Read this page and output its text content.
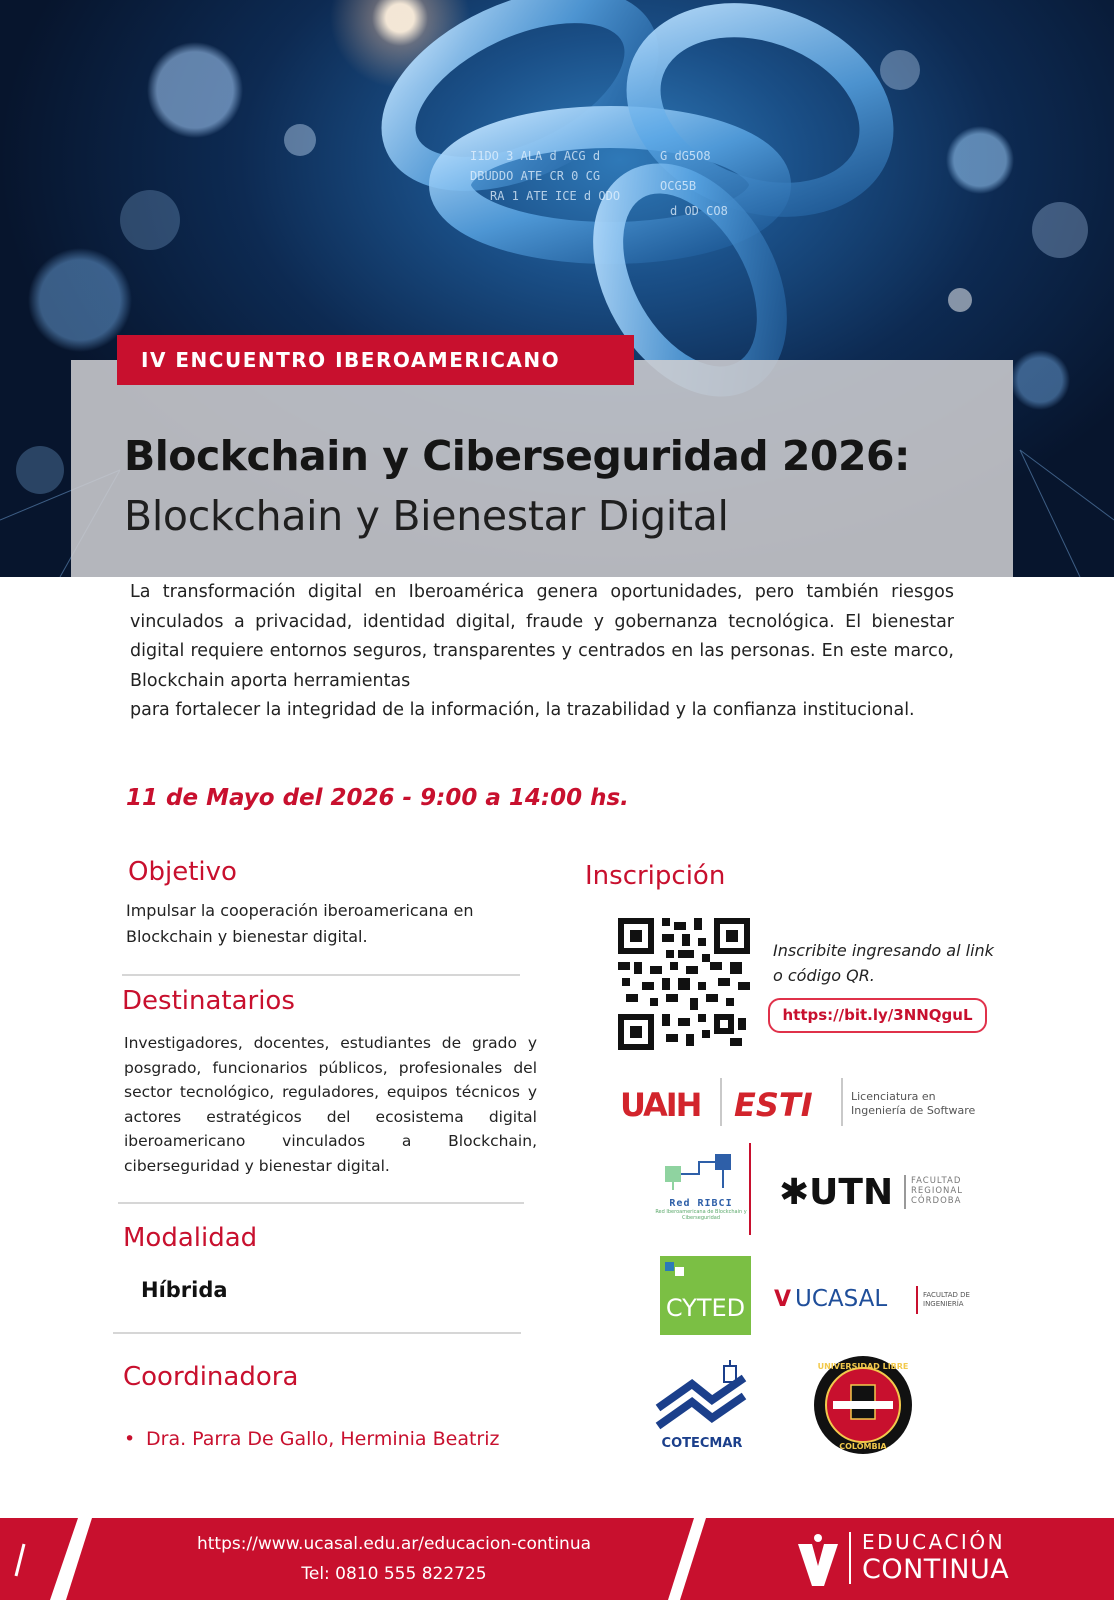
I1DO 3 ALA d ACG d
DBUDDO ATE CR 0 CG
RA 1 ATE ICE d ODO
G dG5O8
OCG5B
d OD CO8
IV ENCUENTRO IBEROAMERICANO
Blockchain y Ciberseguridad 2026:
Blockchain y Bienestar Digital

La transformación digital en Iberoamérica genera oportunidades, pero también riesgos vinculados a privacidad, identidad digital, fraude y gobernanza tecnológica. El bienestar digital requiere entornos seguros, transparentes y centrados en las personas. En este marco, Blockchain aporta herramientas

para fortalecer la integridad de la información, la trazabilidad y la confianza institucional.

11 de Mayo del 2026 - 9:00 a 14:00 hs.
Objetivo
Impulsar la cooperación iberoamericana en Blockchain y bienestar digital.
Destinatarios
Investigadores, docentes, estudiantes de grado y posgrado, funcionarios públicos, profesionales del sector tecnológico, reguladores, equipos técnicos y actores estratégicos del ecosistema digital iberoamericano vinculados a Blockchain, ciberseguridad y bienestar digital.
Modalidad
Híbrida
Coordinadora
• Dra. Parra De Gallo, Herminia Beatriz
Inscripción
Inscribite ingresando al link o código QR.
https://bit.ly/3NNQguL
UAIH	ESTI	Licenciatura en Ingeniería de Software
Red RIBCI
Red Iberoamericana de Blockchain y Ciberseguridad
✱UTN FACULTAD REGIONAL CÓRDOBA
CYTED V UCASAL	FACULTAD DE INGENIERÍA
COTECMAR
UNIVERSIDAD LIBRE
COLOMBIA
https://www.ucasal.edu.ar/educacion-continua
Tel: 0810 555 822725
EDUCACIÓN
CONTINUA
